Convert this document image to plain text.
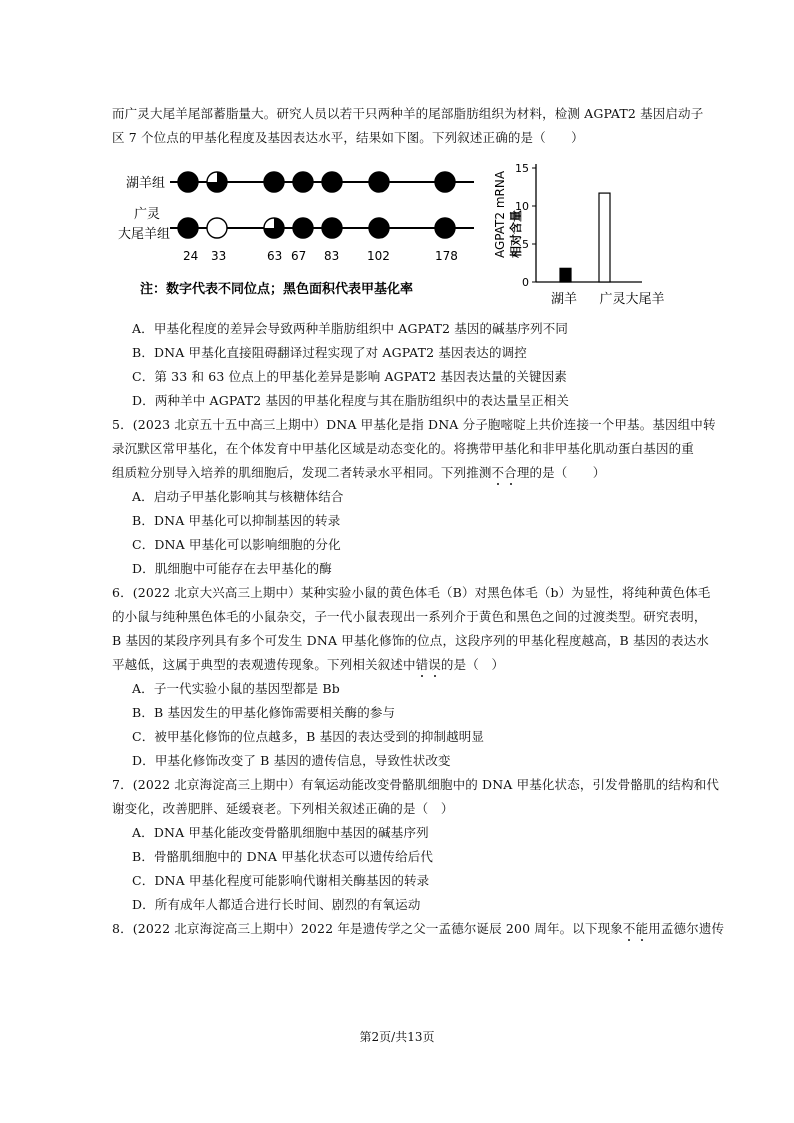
而广灵大尾羊尾部蓄脂量大。研究人员以若干只两种羊的尾部脂肪组织为材料，检测 AGPAT2 基因启动子
区 7 个位点的甲基化程度及基因表达水平，结果如下图。下列叙述正确的是（　　）
湖羊组
广灵
大尾羊组
24 33	63 67 83 102	178
注：数字代表不同位点；黑色面积代表甲基化率
AGPAT2 mRNA 相对含量
15
10
5
0
湖羊 广灵大尾羊
A．甲基化程度的差异会导致两种羊脂肪组织中 AGPAT2 基因的碱基序列不同
B．DNA 甲基化直接阻碍翻译过程实现了对 AGPAT2 基因表达的调控
C．第 33 和 63 位点上的甲基化差异是影响 AGPAT2 基因表达量的关键因素
D．两种羊中 AGPAT2 基因的甲基化程度与其在脂肪组织中的表达量呈正相关
5．(2023 北京五十五中高三上期中）DNA 甲基化是指 DNA 分子胞嘧啶上共价连接一个甲基。基因组中转
录沉默区常甲基化，在个体发育中甲基化区域是动态变化的。将携带甲基化和非甲基化肌动蛋白基因的重
组质粒分别导入培养的肌细胞后，发现二者转录水平相同。下列推测不合理的是（　　）
A．启动子甲基化影响其与核糖体结合
B．DNA 甲基化可以抑制基因的转录
C．DNA 甲基化可以影响细胞的分化
D．肌细胞中可能存在去甲基化的酶
6．(2022 北京大兴高三上期中）某种实验小鼠的黄色体毛（B）对黑色体毛（b）为显性，将纯种黄色体毛
的小鼠与纯种黑色体毛的小鼠杂交，子一代小鼠表现出一系列介于黄色和黑色之间的过渡类型。研究表明，
B 基因的某段序列具有多个可发生 DNA 甲基化修饰的位点，这段序列的甲基化程度越高，B 基因的表达水
平越低，这属于典型的表观遗传现象。下列相关叙述中错误的是（　）
A．子一代实验小鼠的基因型都是 Bb
B．B 基因发生的甲基化修饰需要相关酶的参与
C．被甲基化修饰的位点越多，B 基因的表达受到的抑制越明显
D．甲基化修饰改变了 B 基因的遗传信息，导致性状改变
7．(2022 北京海淀高三上期中）有氧运动能改变骨骼肌细胞中的 DNA 甲基化状态，引发骨骼肌的结构和代
谢变化，改善肥胖、延缓衰老。下列相关叙述正确的是（　）
A．DNA 甲基化能改变骨骼肌细胞中基因的碱基序列
B．骨骼肌细胞中的 DNA 甲基化状态可以遗传给后代
C．DNA 甲基化程度可能影响代谢相关酶基因的转录
D．所有成年人都适合进行长时间、剧烈的有氧运动
8．(2022 北京海淀高三上期中）2022 年是遗传学之父一孟德尔诞辰 200 周年。以下现象不能用孟德尔遗传
第2页/共13页
